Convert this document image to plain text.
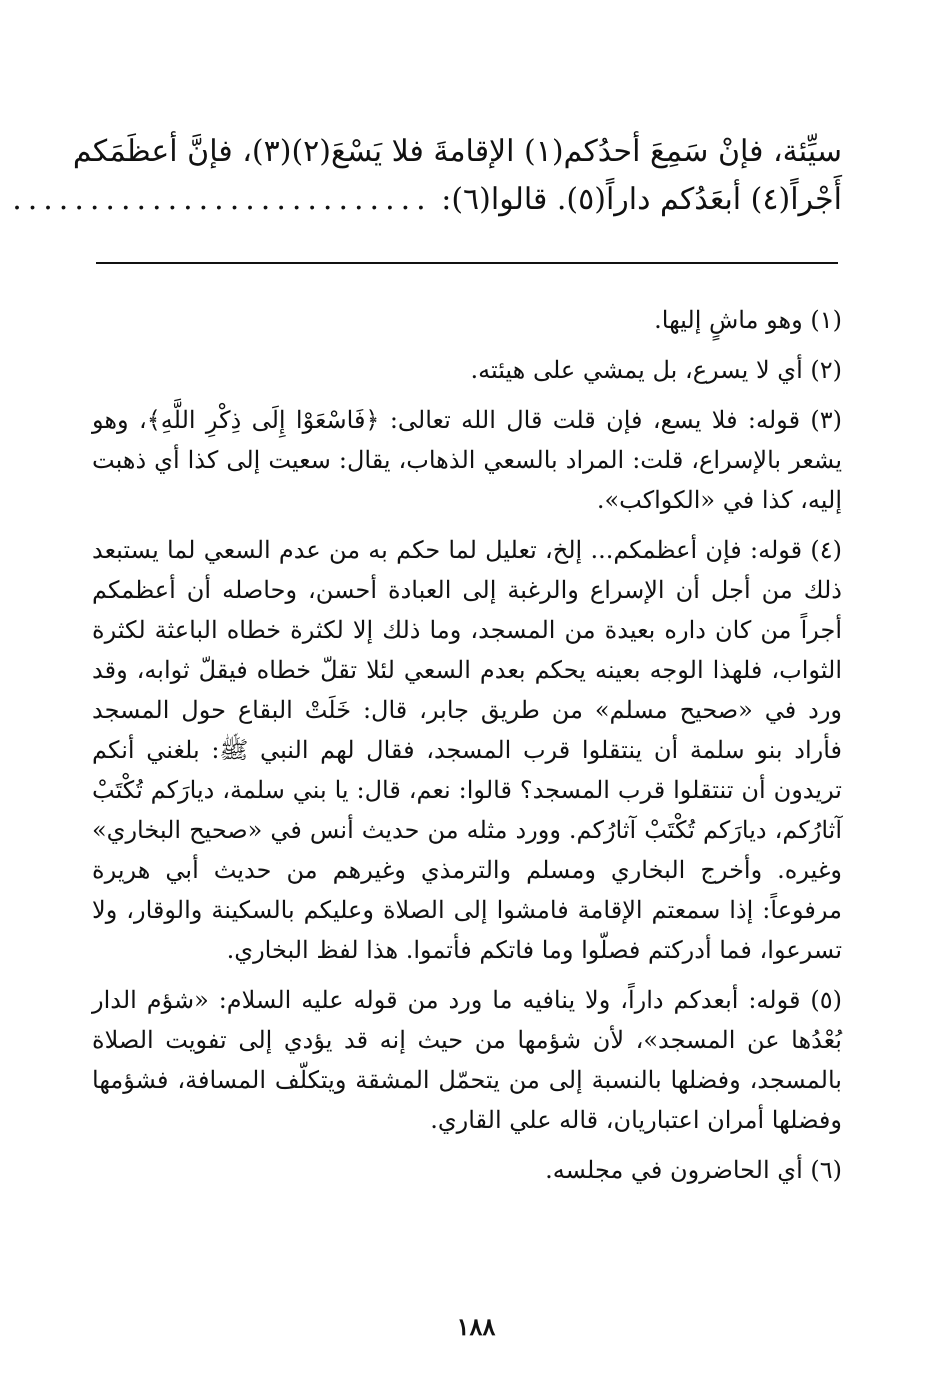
سيِّئة، فإنْ سَمِعَ أحدُكم(١) الإقامةَ فلا يَسْعَ(٢)(٣)، فإنَّ أعظَمَكم
أَجْراً(٤) أبعَدُكم داراً(٥). قالوا(٦): ...........................
(١) وهو ماشٍ إليها.
(٢) أي لا يسرع، بل يمشي على هيئته.
(٣) قوله: فلا يسع، فإن قلت قال الله تعالى: ﴿فَاسْعَوْا إِلَى ذِكْرِ اللَّهِ﴾، وهو يشعر بالإسراع، قلت: المراد بالسعي الذهاب، يقال: سعيت إلى كذا أي ذهبت إليه، كذا في «الكواكب».
(٤) قوله: فإن أعظمكم... إلخ، تعليل لما حكم به من عدم السعي لما يستبعد ذلك من أجل أن الإسراع والرغبة إلى العبادة أحسن، وحاصله أن أعظمكم أجراً من كان داره بعيدة من المسجد، وما ذلك إلا لكثرة خطاه الباعثة لكثرة الثواب، فلهذا الوجه بعينه يحكم بعدم السعي لئلا تقلّ خطاه فيقلّ ثوابه، وقد ورد في «صحيح مسلم» من طريق جابر، قال: خَلَتْ البقاع حول المسجد فأراد بنو سلمة أن ينتقلوا قرب المسجد، فقال لهم النبي ﷺ: بلغني أنكم تريدون أن تنتقلوا قرب المسجد؟ قالوا: نعم، قال: يا بني سلمة، ديارَكم تُكْتَبْ آثارُكم، ديارَكم تُكْتَبْ آثارُكم. وورد مثله من حديث أنس في «صحيح البخاري» وغيره. وأخرج البخاري ومسلم والترمذي وغيرهم من حديث أبي هريرة مرفوعاً: إذا سمعتم الإقامة فامشوا إلى الصلاة وعليكم بالسكينة والوقار، ولا تسرعوا، فما أدركتم فصلّوا وما فاتكم فأتموا. هذا لفظ البخاري.
(٥) قوله: أبعدكم داراً، ولا ينافيه ما ورد من قوله عليه السلام: «شؤم الدار بُعْدُها عن المسجد»، لأن شؤمها من حيث إنه قد يؤدي إلى تفويت الصلاة بالمسجد، وفضلها بالنسبة إلى من يتحمّل المشقة ويتكلّف المسافة، فشؤمها وفضلها أمران اعتباريان، قاله علي القاري.
(٦) أي الحاضرون في مجلسه.
١٨٨
